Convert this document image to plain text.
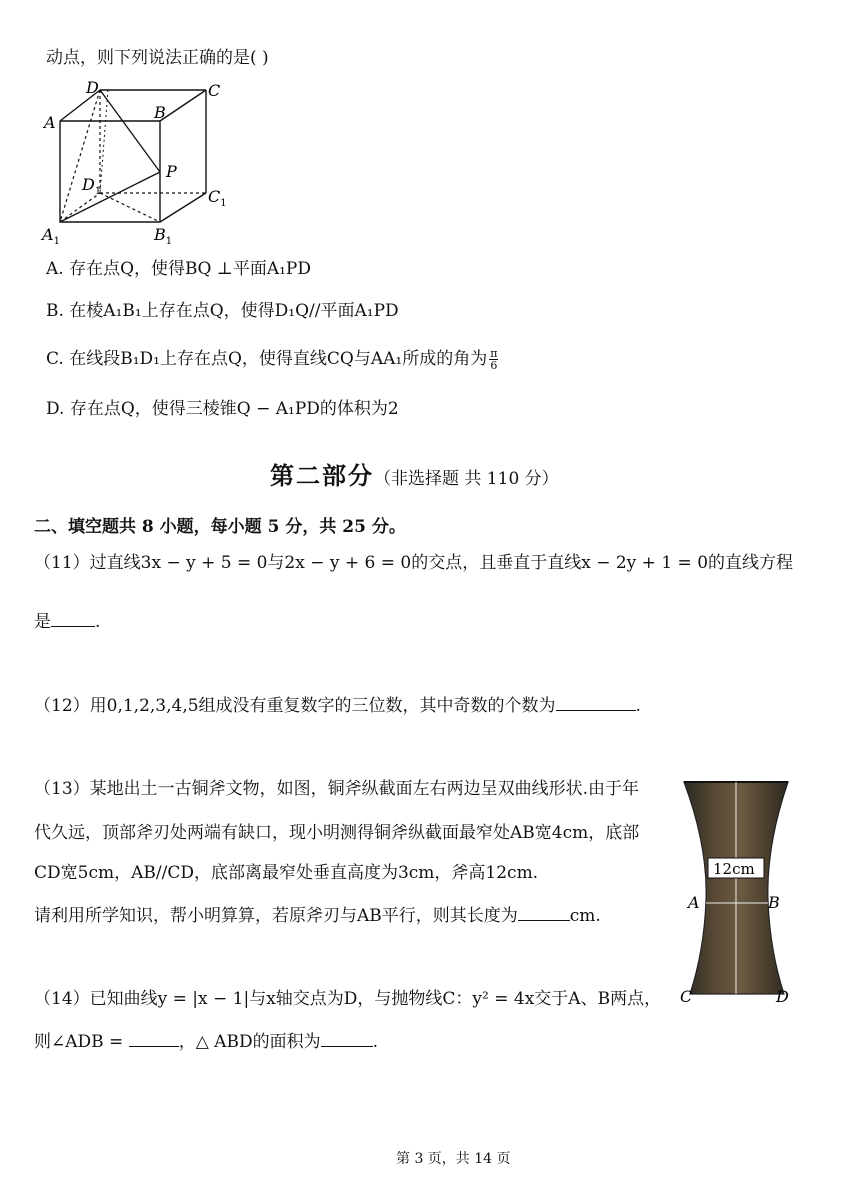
动点，则下列说法正确的是( )
D	C
A
B
P
$D_1$	$C_1$
$A_1$	$B_1$
A. 存在点Q，使得BQ ⊥平面A₁PD
B. 在棱A₁B₁上存在点Q，使得D₁Q//平面A₁PD
C. 在线段B₁D₁上存在点Q，使得直线CQ与AA₁所成的角为 $\frac{\pi}{6}$
D. 存在点Q，使得三棱锥Q − A₁PD的体积为2
第二部分（非选择题 共 110 分）
二、填空题共 8 小题，每小题 5 分，共 25 分。
（11）过直线3x − y + 5 = 0与2x − y + 6 = 0的交点，且垂直于直线x − 2y + 1 = 0的直线方程
是	.
（12）用0,1,2,3,4,5组成没有重复数字的三位数，其中奇数的个数为	.
（13）某地出土一古铜斧文物，如图，铜斧纵截面左右两边呈双曲线形状.由于年
代久远，顶部斧刃处两端有缺口，现小明测得铜斧纵截面最窄处AB宽4cm，底部
CD宽5cm，AB//CD，底部离最窄处垂直高度为3cm，斧高12cm.
请利用所学知识，帮小明算算，若原斧刃与AB平行，则其长度为	cm.
12cm
A	B
C	D
（14）已知曲线y = |x − 1|与x轴交点为D，与抛物线C：y² = 4x交于A、B两点，
则∠ADB =	，△ ABD的面积为	.
第 3 页，共 14 页
